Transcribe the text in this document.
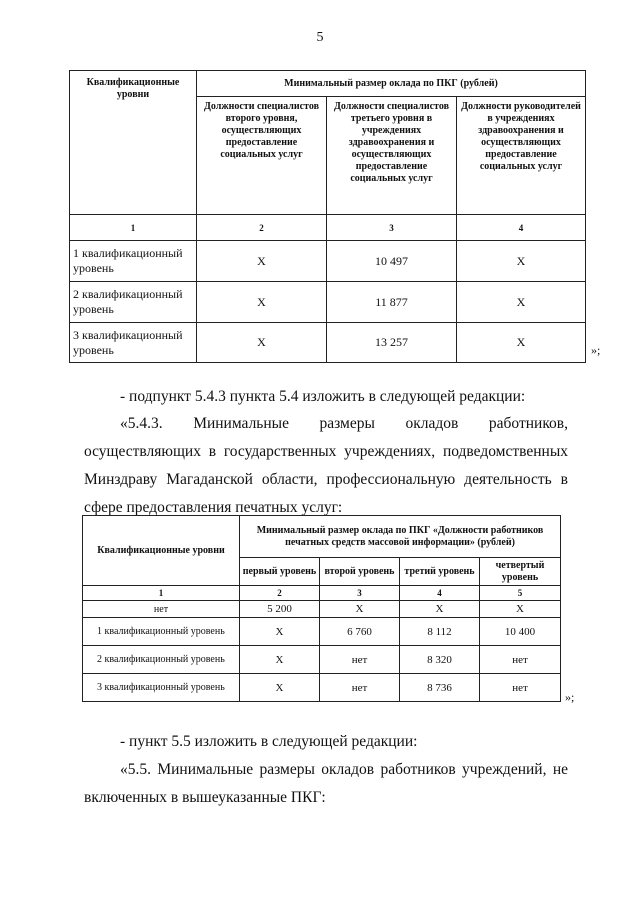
5
Квалификационные уровни	Минимальный размер оклада по ПКГ (рублей)		
	Должности специалистов второго уровня, осуществляющих предоставление социальных услуг	Должности специалистов третьего уровня в учреждениях здравоохранения и осуществляющих предоставление социальных услуг	Должности руководителей в учреждениях здравоохранения и осуществляющих предоставление социальных услуг
1	2	3	4
1 квалификационный уровень	Х	10 497	Х
2 квалификационный уровень	Х	11 877	Х
3 квалификационный уровень	Х	13 257	Х
»;

- подпункт 5.4.3 пункта 5.4 изложить в следующей редакции:

«5.4.3. Минимальные размеры окладов работников, осуществляющих в государственных учреждениях, подведомственных Минздраву Магаданской области, профессиональную деятельность в сфере предоставления печатных услуг:

Квалификационные уровни	Минимальный размер оклада по ПКГ «Должности работников печатных средств массовой информации» (рублей)			
	первый уровень	второй уровень	третий уровень	четвертый уровень
1	2	3	4	5
нет	5 200	Х	Х	Х
1 квалификационный уровень	Х	6 760	8 112	10 400
2 квалификационный уровень	Х	нет	8 320	нет
3 квалификационный уровень	Х	нет	8 736	нет
»;

- пункт 5.5 изложить в следующей редакции:

«5.5. Минимальные размеры окладов работников учреждений, не включенных в вышеуказанные ПКГ:
